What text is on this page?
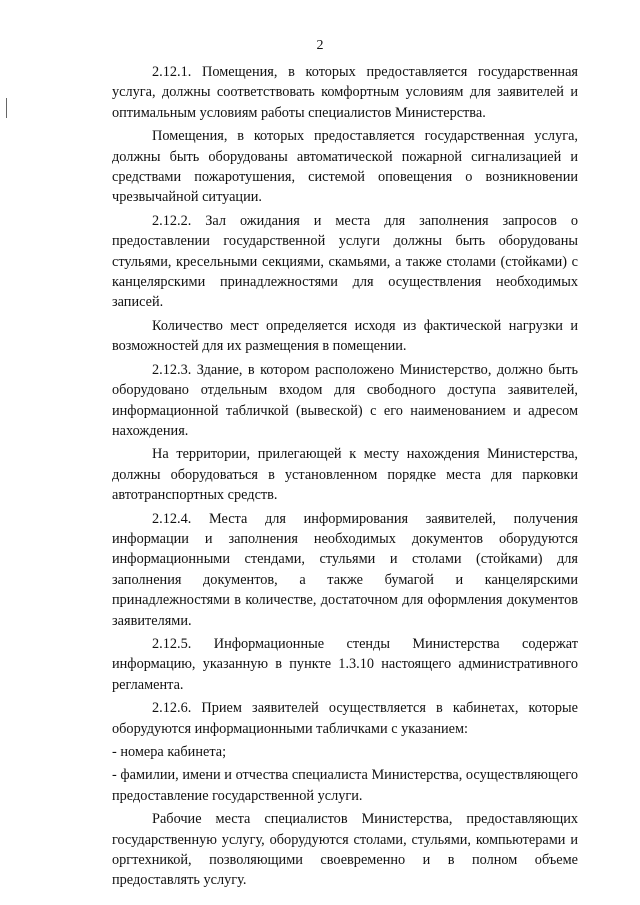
2

2.12.1. Помещения, в которых предоставляется государственная услуга, должны соответствовать комфортным условиям для заявителей и оптимальным условиям работы специалистов Министерства.

Помещения, в которых предоставляется государственная услуга, должны быть оборудованы автоматической пожарной сигнализацией и средствами пожаротушения, системой оповещения о возникновении чрезвычайной ситуации.

2.12.2. Зал ожидания и места для заполнения запросов о предоставлении государственной услуги должны быть оборудованы стульями, кресельными секциями, скамьями, а также столами (стойками) с канцелярскими принадлежностями для осуществления необходимых записей.

Количество мест определяется исходя из фактической нагрузки и возможностей для их размещения в помещении.

2.12.3. Здание, в котором расположено Министерство, должно быть оборудовано отдельным входом для свободного доступа заявителей, информационной табличкой (вывеской) с его наименованием и адресом нахождения.

На территории, прилегающей к месту нахождения Министерства, должны оборудоваться в установленном порядке места для парковки автотранспортных средств.

2.12.4. Места для информирования заявителей, получения информации и заполнения необходимых документов оборудуются информационными стендами, стульями и столами (стойками) для заполнения документов, а также бумагой и канцелярскими принадлежностями в количестве, достаточном для оформления документов заявителями.

2.12.5. Информационные стенды Министерства содержат информацию, указанную в пункте 1.3.10 настоящего административного регламента.

2.12.6. Прием заявителей осуществляется в кабинетах, которые оборудуются информационными табличками с указанием:

- номера кабинета;

- фамилии, имени и отчества специалиста Министерства, осуществляющего предоставление государственной услуги.

Рабочие места специалистов Министерства, предоставляющих государственную услугу, оборудуются столами, стульями, компьютерами и оргтехникой, позволяющими своевременно и в полном объеме предоставлять услугу.
